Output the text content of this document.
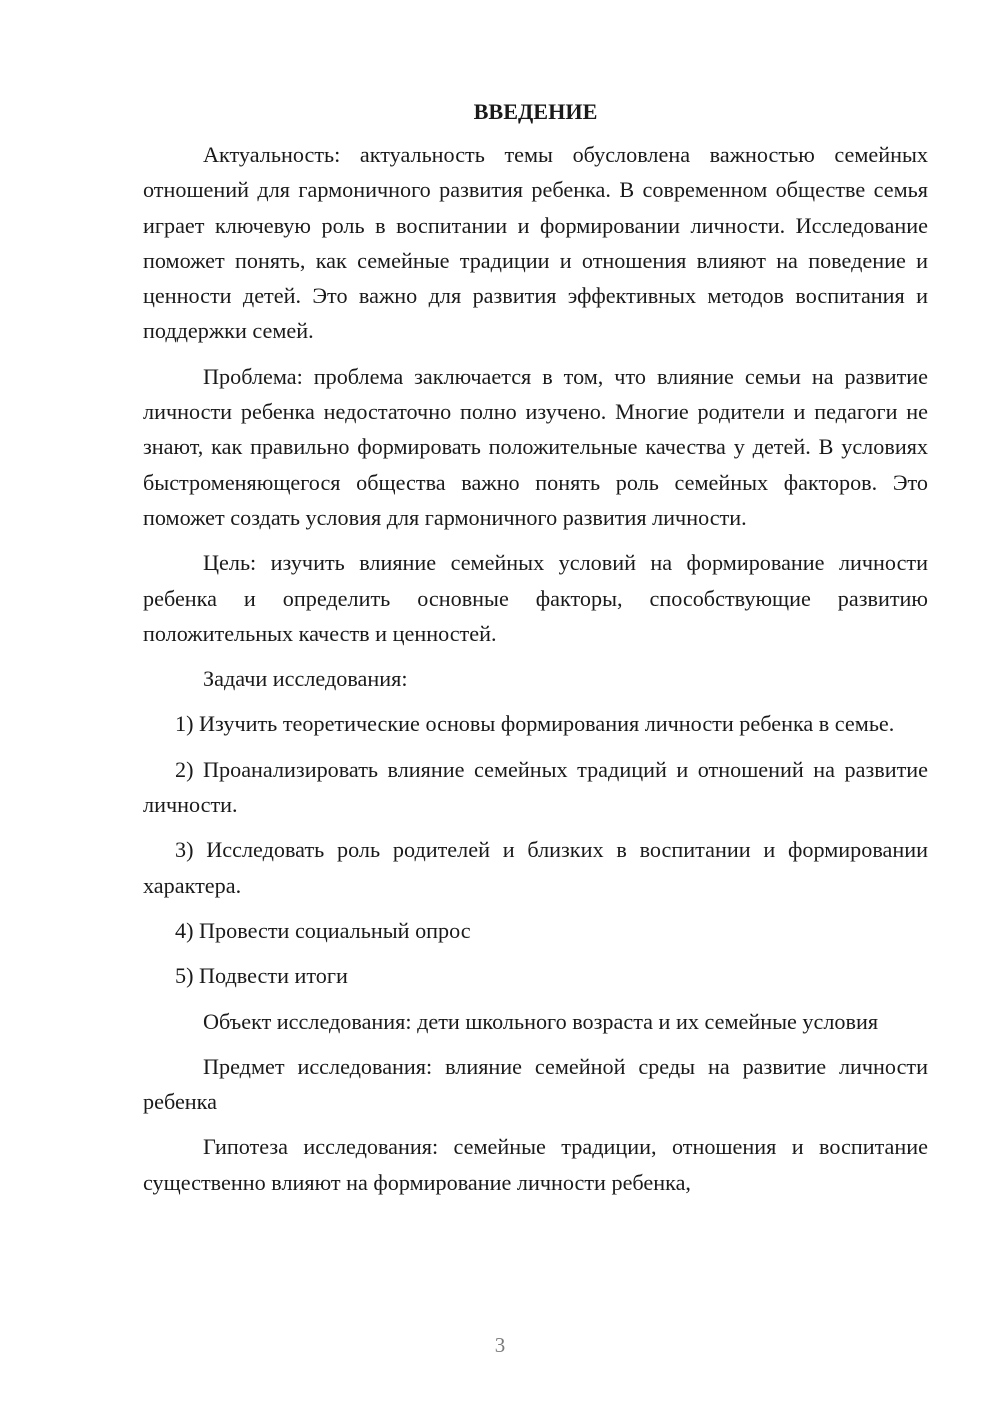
ВВЕДЕНИЕ

Актуальность: актуальность темы обусловлена важностью семейных отношений для гармоничного развития ребенка. В современном обществе семья играет ключевую роль в воспитании и формировании личности. Исследование поможет понять, как семейные традиции и отношения влияют на поведение и ценности детей. Это важно для развития эффективных методов воспитания и поддержки семей.

Проблема: проблема заключается в том, что влияние семьи на развитие личности ребенка недостаточно полно изучено. Многие родители и педагоги не знают, как правильно формировать положительные качества у детей. В условиях быстроменяющегося общества важно понять роль семейных факторов. Это поможет создать условия для гармоничного развития личности.

Цель: изучить влияние семейных условий на формирование личности ребенка и определить основные факторы, способствующие развитию положительных качеств и ценностей.

Задачи исследования:

1) Изучить теоретические основы формирования личности ребенка в семье.

2) Проанализировать влияние семейных традиций и отношений на развитие личности.

3) Исследовать роль родителей и близких в воспитании и формировании характера.

4) Провести социальный опрос

5) Подвести итоги

Объект исследования: дети школьного возраста и их семейные условия

Предмет исследования: влияние семейной среды на развитие личности ребенка

Гипотеза исследования: семейные традиции, отношения и воспитание существенно влияют на формирование личности ребенка,

3
